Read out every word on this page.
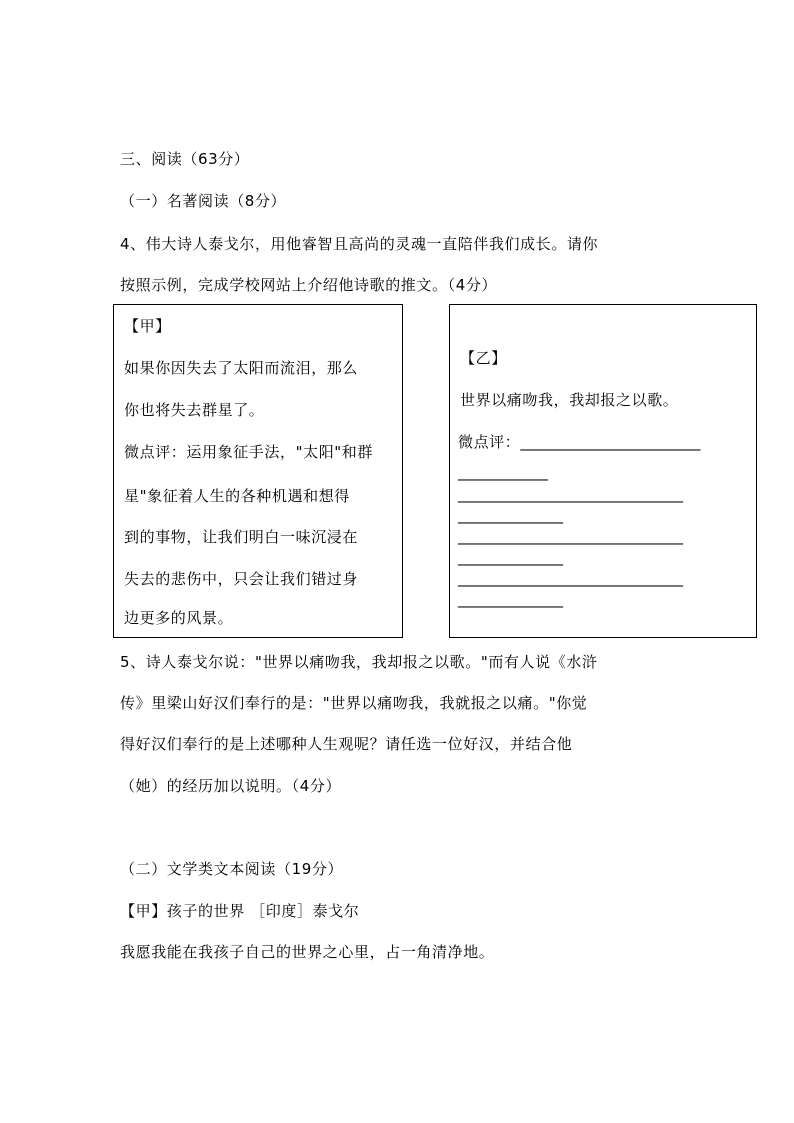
三、阅读（63分）
（一）名著阅读（8分）
4、伟大诗人泰戈尔，用他睿智且高尚的灵魂一直陪伴我们成长。请你
按照示例，完成学校网站上介绍他诗歌的推文。（4分）
【甲】
如果你因失去了太阳而流泪，那么
你也将失去群星了。
微点评：运用象征手法，"太阳"和群
星"象征着人生的各种机遇和想得
到的事物，让我们明白一味沉浸在
失去的悲伤中，只会让我们错过身
边更多的风景。
【乙】
世界以痛吻我，我却报之以歌。
微点评：________________________
____________
______________________________
______________
______________________________
______________
______________________________
______________
5、诗人泰戈尔说："世界以痛吻我，我却报之以歌。"而有人说《水浒
传》里梁山好汉们奉行的是："世界以痛吻我，我就报之以痛。"你觉
得好汉们奉行的是上述哪种人生观呢？请任选一位好汉，并结合他
（她）的经历加以说明。（4分）
（二）文学类文本阅读（19分）
【甲】孩子的世界 ［印度］泰戈尔
我愿我能在我孩子自己的世界之心里，占一角清净地。
